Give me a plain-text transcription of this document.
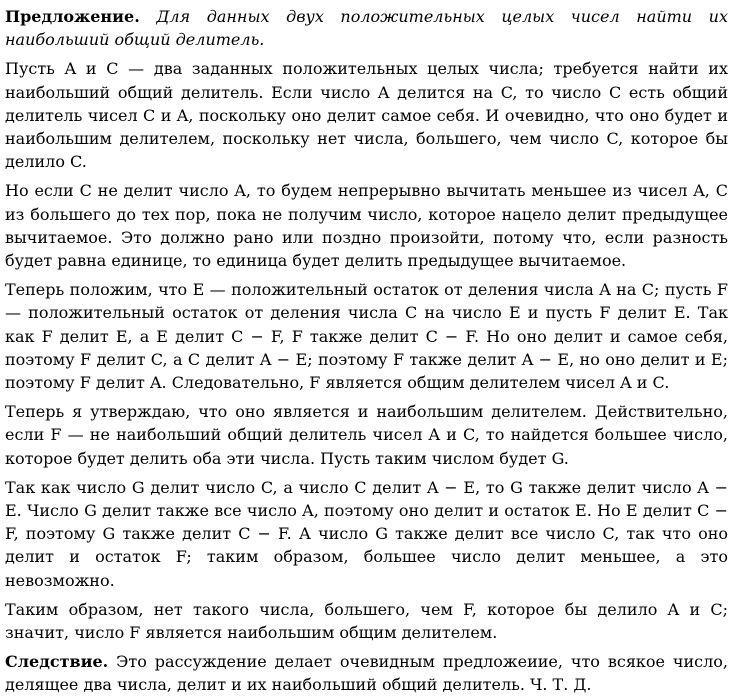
Предложение. Для данных двух положительных целых чисел найти их наибольший общий делитель.

Пусть A и C — два заданных положительных целых числа; требуется найти их наибольший общий делитель. Если число A делится на C, то число C есть общий делитель чисел C и A, поскольку оно делит самое себя. И очевидно, что оно будет и наибольшим делителем, поскольку нет числа, большего, чем число C, которое бы делило C.

Но если C не делит число A, то будем непрерывно вычитать меньшее из чисел A, C из большего до тех пор, пока не получим число, которое нацело делит предыдущее вычитаемое. Это должно рано или поздно произойти, потому что, если разность будет равна единице, то единица будет делить предыдущее вычитаемое.

Теперь положим, что E — положительный остаток от деления числа A на C; пусть F — положительный остаток от деления числа C на число E и пусть F делит E. Так как F делит E, а E делит C − F, F также делит C − F. Но оно делит и самое себя, поэтому F делит C, а C делит A − E; поэтому F также делит A − E, но оно делит и E; поэтому F делит A. Следовательно, F является общим делителем чисел A и C.

Теперь я утверждаю, что оно является и наибольшим делителем. Действительно, если F — не наибольший общий делитель чисел A и C, то найдется большее число, которое будет делить оба эти числа. Пусть таким числом будет G.

Так как число G делит число C, а число C делит A − E, то G также делит число A − E. Число G делит также все число A, поэтому оно делит и остаток E. Но E делит C − F, поэтому G также делит C − F. А число G также делит все число C, так что оно делит и остаток F; таким образом, большее число делит меньшее, а это невозможно.

Таким образом, нет такого числа, большего, чем F, которое бы делило A и C; значит, число F является наибольшим общим делителем.

Следствие. Это рассуждение делает очевидным предложеиие, что всякое число, делящее два числа, делит и их наибольший общий делитель. Ч. Т. Д.
